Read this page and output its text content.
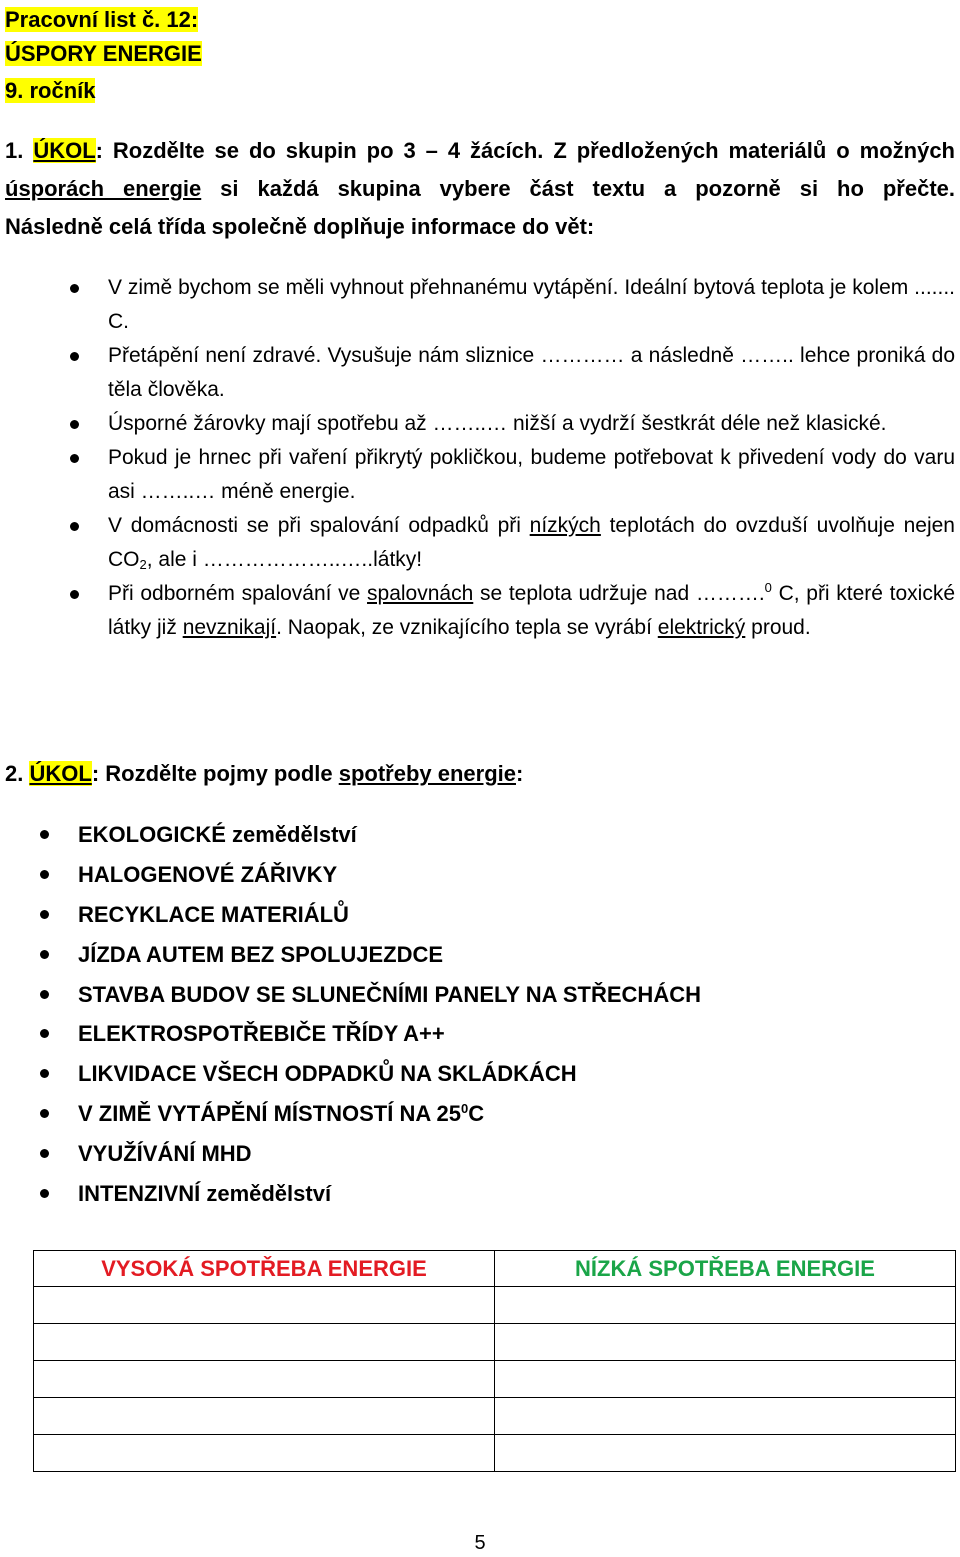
Pracovní list č. 12:
ÚSPORY ENERGIE
9. ročník

1. ÚKOL: Rozdělte se do skupin po 3 – 4 žácích. Z předložených materiálů o možných

úsporách energie si každá skupina vybere část textu a pozorně si ho přečte.

Následně celá třída společně doplňuje informace do vět:

V zimě bychom se měli vyhnout přehnanému vytápění. Ideální bytová teplota je kolem ....... C.
Přetápění není zdravé. Vysušuje nám sliznice ………… a následně …….. lehce proniká do těla člověka.
Úsporné žárovky mají spotřebu až ……..… nižší a vydrží šestkrát déle než klasické.
Pokud je hrnec při vaření přikrytý pokličkou, budeme potřebovat k přivedení vody do varu asi ……..… méně energie.
V domácnosti se při spalování odpadků při nízkých teplotách do ovzduší uvolňuje nejen $CO_2$, ale i ………………..…..látky!
Při odborném spalování ve spalovnách se teplota udržuje nad ……….$^0$ C, při které toxické látky již nevznikají. Naopak, ze vznikajícího tepla se vyrábí elektrický proud.

2. ÚKOL: Rozdělte pojmy podle spotřeby energie:

EKOLOGICKÉ zemědělství
HALOGENOVÉ ZÁŘIVKY
RECYKLACE MATERIÁLŮ
JÍZDA AUTEM BEZ SPOLUJEZDCE
STAVBA BUDOV SE SLUNEČNÍMI PANELY NA STŘECHÁCH
ELEKTROSPOTŘEBIČE TŘÍDY A++
LIKVIDACE VŠECH ODPADKŮ NA SKLÁDKÁCH
V ZIMĚ VYTÁPĚNÍ MÍSTNOSTÍ NA $25^0C$
VYUŽÍVÁNÍ MHD
INTENZIVNÍ zemědělství
VYSOKÁ SPOTŘEBA ENERGIE	NÍZKÁ SPOTŘEBA ENERGIE

5
